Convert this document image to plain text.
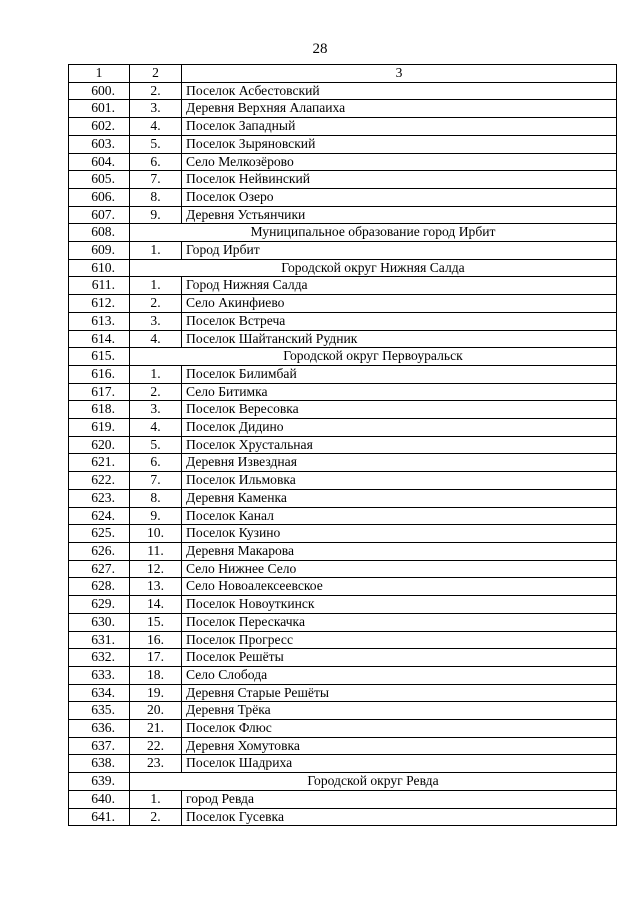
28
1	2	3
600.	2.	Поселок Асбестовский
601.	3.	Деревня Верхняя Алапаиха
602.	4.	Поселок Западный
603.	5.	Поселок Зыряновский
604.	6.	Село Мелкозёрово
605.	7.	Поселок Нейвинский
606.	8.	Поселок Озеро
607.	9.	Деревня Устьянчики
608.	Муниципальное образование город Ирбит	
609.	1.	Город Ирбит
610.	Городской округ Нижняя Салда	
611.	1.	Город Нижняя Салда
612.	2.	Село Акинфиево
613.	3.	Поселок Встреча
614.	4.	Поселок Шайтанский Рудник
615.	Городской округ Первоуральск	
616.	1.	Поселок Билимбай
617.	2.	Село Битимка
618.	3.	Поселок Вересовка
619.	4.	Поселок Дидино
620.	5.	Поселок Хрустальная
621.	6.	Деревня Извездная
622.	7.	Поселок Ильмовка
623.	8.	Деревня Каменка
624.	9.	Поселок Канал
625.	10.	Поселок Кузино
626.	11.	Деревня Макарова
627.	12.	Село Нижнее Село
628.	13.	Село Новоалексеевское
629.	14.	Поселок Новоуткинск
630.	15.	Поселок Перескачка
631.	16.	Поселок Прогресс
632.	17.	Поселок Решёты
633.	18.	Село Слобода
634.	19.	Деревня Старые Решёты
635.	20.	Деревня Трёка
636.	21.	Поселок Флюс
637.	22.	Деревня Хомутовка
638.	23.	Поселок Шадриха
639.	Городской округ Ревда	
640.	1.	город Ревда
641.	2.	Поселок Гусевка
